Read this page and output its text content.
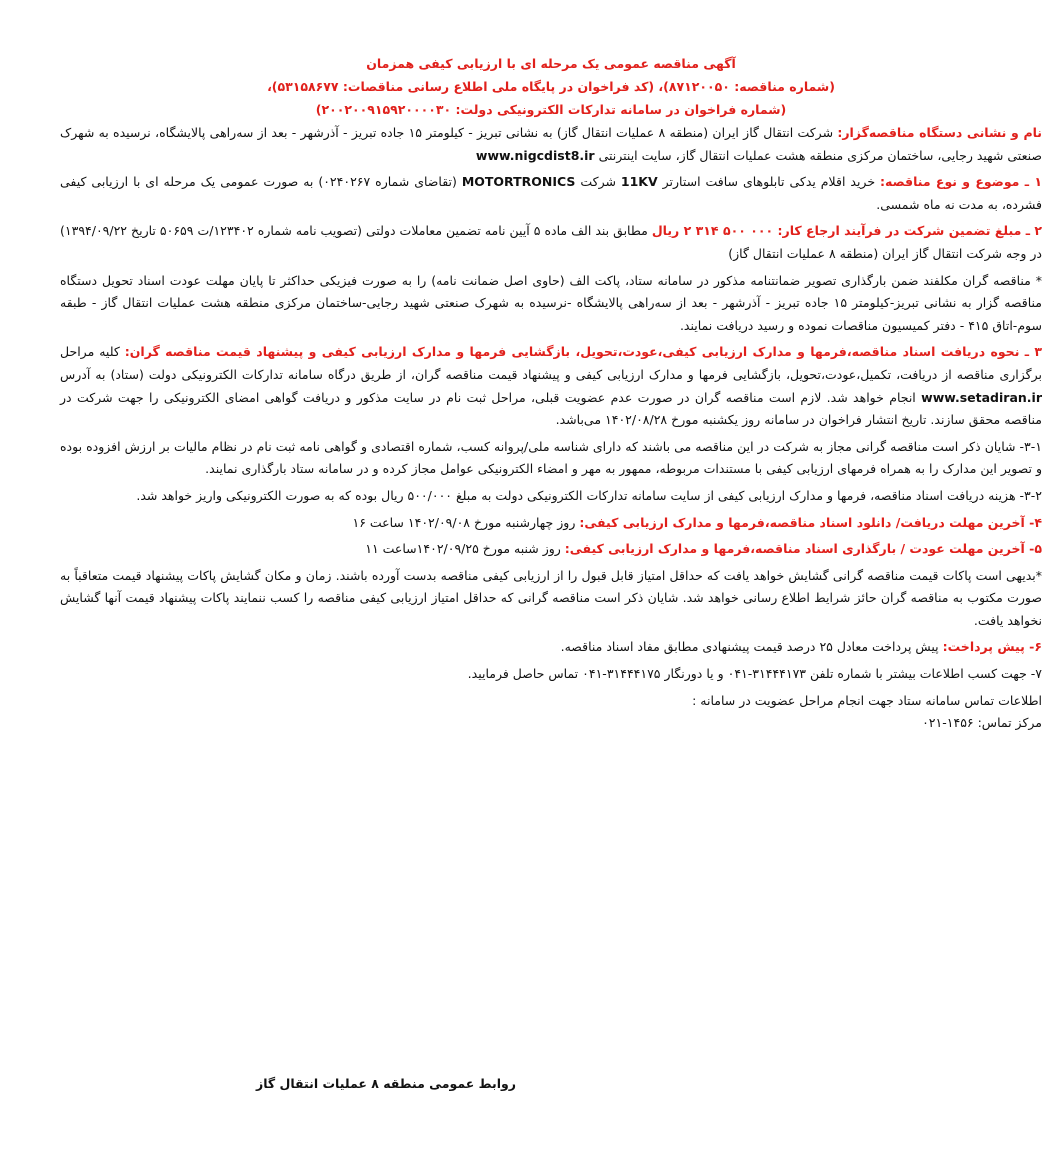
آگهی مناقصه عمومی یک مرحله ای با ارزیابی کیفی همزمان
(شماره مناقصه: ۸۷۱۲۰۰۵۰)، (کد فراخوان در پایگاه ملی اطلاع رسانی مناقصات: ۵۳۱۵۸۶۷۷)،
(شماره فراخوان در سامانه تدارکات الکترونیکی دولت: ۲۰۰۲۰۰۹۱۵۹۲۰۰۰۰۳۰)

نام و نشانی دستگاه مناقصه‌گزار: شرکت انتقال گاز ایران (منطقه ۸ عملیات انتقال گاز) به نشانی تبریز - کیلومتر ۱۵ جاده تبریز - آذرشهر - بعد از سه‌راهی پالایشگاه، نرسیده به شهرک صنعتی شهید رجایی، ساختمان مرکزی منطقه هشت عملیات انتقال گاز، سایت اینترنتی www.nigcdist8.ir

۱ ـ موضوع و نوع مناقصه: خرید اقلام یدکی تابلوهای سافت استارتر 11KV شرکت MOTORTRONICS (تقاضای شماره ۰۲۴۰۲۶۷) به صورت عمومی یک مرحله ای با ارزیابی کیفی فشرده، به مدت نه ماه شمسی.

۲ ـ مبلغ تضمین شرکت در فرآیند ارجاع کار: ۰۰۰ ۵۰۰ ۳۱۴ ۲ ریال مطابق بند الف ماده ۵ آیین نامه تضمین معاملات دولتی (تصویب نامه شماره ۱۲۳۴۰۲/ت ۵۰۶۵۹ تاریخ ۱۳۹۴/۰۹/۲۲) در وجه شرکت انتقال گاز ایران (منطقه ۸ عملیات انتقال گاز)

* مناقصه گران مکلفند ضمن بارگذاری تصویر ضمانتنامه مذکور در سامانه ستاد، پاکت الف (حاوی اصل ضمانت نامه) را به صورت فیزیکی حداکثر تا پایان مهلت عودت اسناد تحویل دستگاه مناقصه گزار به نشانی تبریز-کیلومتر ۱۵ جاده تبریز - آذرشهر - بعد از سه‌راهی پالایشگاه -نرسیده به شهرک صنعتی شهید رجایی-ساختمان مرکزی منطقه هشت عملیات انتقال گاز - طبقه سوم-اتاق ۴۱۵ - دفتر کمیسیون مناقصات نموده و رسید دریافت نمایند.

۳ ـ نحوه دریافت اسناد مناقصه،فرمها و مدارک ارزیابی کیفی،عودت،تحویل، بازگشایی فرمها و مدارک ارزیابی کیفی و پیشنهاد قیمت مناقصه گران: کلیه مراحل برگزاری مناقصه از دریافت، تکمیل،عودت،تحویل، بازگشایی فرمها و مدارک ارزیابی کیفی و پیشنهاد قیمت مناقصه گران، از طریق درگاه سامانه تدارکات الکترونیکی دولت (ستاد) به آدرس www.setadiran.ir انجام خواهد شد. لازم است مناقصه گران در صورت عدم عضویت قبلی، مراحل ثبت نام در سایت مذکور و دریافت گواهی امضای الکترونیکی را جهت شرکت در مناقصه محقق سازند. تاریخ انتشار فراخوان در سامانه روز یکشنبه مورخ ۱۴۰۲/۰۸/۲۸ می‌باشد.

۳-۱- شایان ذکر است مناقصه گرانی مجاز به شرکت در این مناقصه می باشند که دارای شناسه ملی/پروانه کسب، شماره اقتصادی و گواهی نامه ثبت نام در نظام مالیات بر ارزش افزوده بوده و تصویر این مدارک را به همراه فرمهای ارزیابی کیفی با مستندات مربوطه، ممهور به مهر و امضاء الکترونیکی عوامل مجاز کرده و در سامانه ستاد بارگذاری نمایند.

۳-۲- هزینه دریافت اسناد مناقصه، فرمها و مدارک ارزیابی کیفی از سایت سامانه تدارکات الکترونیکی دولت به مبلغ ۵۰۰/۰۰۰ ریال بوده که به صورت الکترونیکی واریز خواهد شد.

۴- آخرین مهلت دریافت/ دانلود اسناد مناقصه،فرمها و مدارک ارزیابی کیفی: روز چهارشنبه مورخ ۱۴۰۲/۰۹/۰۸ ساعت ۱۶

۵- آخرین مهلت عودت / بارگذاری اسناد مناقصه،فرمها و مدارک ارزیابی کیفی: روز شنبه مورخ ۱۴۰۲/۰۹/۲۵ساعت ۱۱

*بدیهی است پاکات قیمت مناقصه گرانی گشایش خواهد یافت که حداقل امتیاز قابل قبول را از ارزیابی کیفی مناقصه بدست آورده باشند. زمان و مکان گشایش پاکات پیشنهاد قیمت متعاقباً به صورت مکتوب به مناقصه گران حائز شرایط اطلاع رسانی خواهد شد. شایان ذکر است مناقصه گرانی که حداقل امتیاز ارزیابی کیفی مناقصه را کسب ننمایند پاکات پیشنهاد قیمت آنها گشایش نخواهد یافت.

۶- پیش پرداخت: پیش پرداخت معادل ۲۵ درصد قیمت پیشنهادی مطابق مفاد اسناد مناقصه.

۷- جهت کسب اطلاعات بیشتر با شماره تلفن ۳۱۴۴۴۱۷۳-۰۴۱ و یا دورنگار ۳۱۴۴۴۱۷۵-۰۴۱ تماس حاصل فرمایید.

اطلاعات تماس سامانه ستاد جهت انجام مراحل عضویت در سامانه :

مرکز تماس: ۱۴۵۶-۰۲۱

روابط عمومی منطقه ۸ عملیات انتقال گاز
